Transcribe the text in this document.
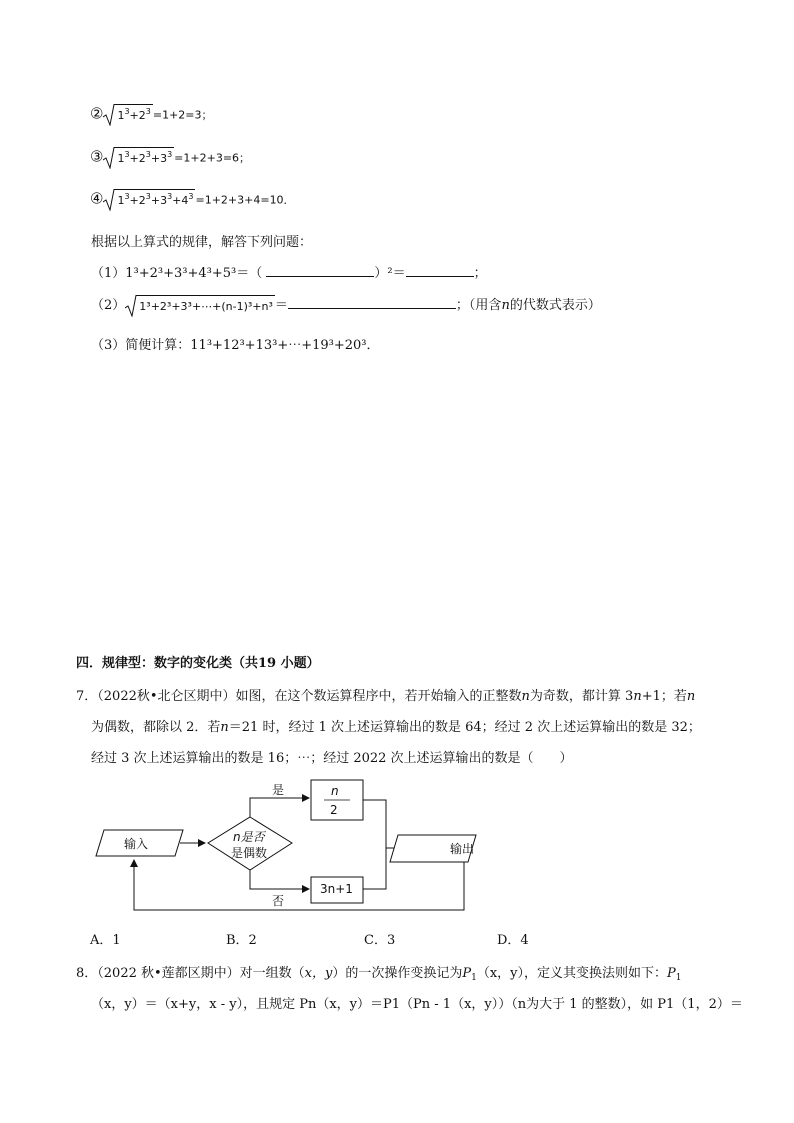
② $1^3+2^3 =1+2=3$；
③ $1^3+2^3+3^3 =1+2+3=6$；
④ $1^3+2^3+3^3+4^3 =1+2+3+4=10$．
根据以上算式的规律，解答下列问题：
（1）1³+2³+3³+4³+5³＝（	）²＝	；
（2） 1³+2³+3³+⋯+(n-1)³+n³ ＝	；（用含n的代数式表示）
（3）简便计算：11³+12³+13³+⋯+19³+20³．
四．规律型：数字的变化类（共19 小题）
7．（2022秋•北仑区期中）如图，在这个数运算程序中，若开始输入的正整数n为奇数，都计算 3n+1；若n
为偶数，都除以 2．若n＝21 时，经过 1 次上述运算输出的数是 64；经过 2 次上述运算输出的数是 32；
经过 3 次上述运算输出的数是 16；⋯；经过 2022 次上述运算输出的数是（　　）
输入	n是否
是偶数
是
否
n
2
3n+1
输出
A．1	B．2	C．3	D．4
8．（2022 秋•莲都区期中）对一组数（x，y）的一次操作变换记为$P_1(x$，y），定义其变换法则如下：$P_1$
（x，y）＝（x+y，x - y），且规定 Pn（x，y）＝P1（Pn - 1（x，y））（n为大于 1 的整数），如 P1（1，2）＝
